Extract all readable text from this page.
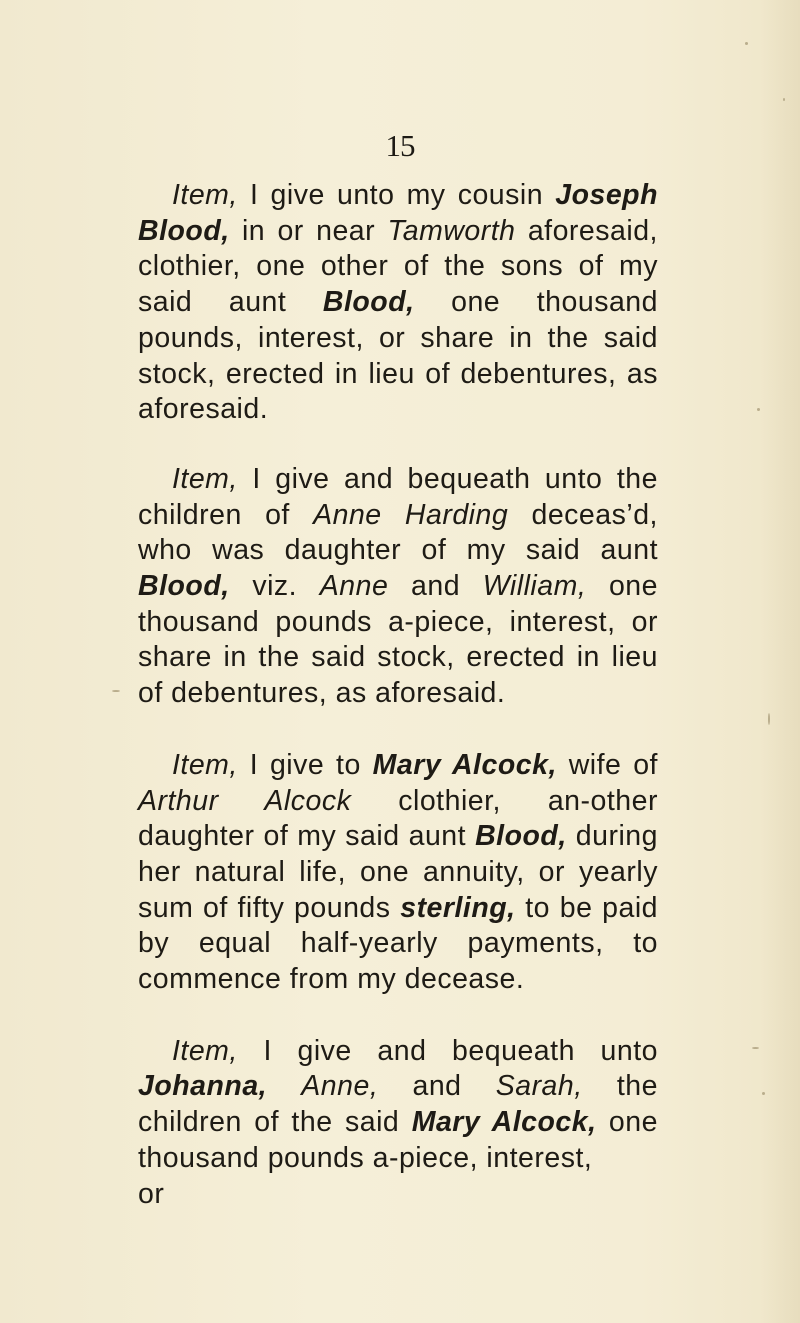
15

Item, I give unto my cousin Joseph Blood, in or near Tamworth aforesaid, clothier, one other of the sons of my said aunt Blood, one thousand pounds, interest, or share in the said stock, erected in lieu of debentures, as aforesaid.

Item, I give and bequeath unto the children of Anne Harding deceas’d, who was daughter of my said aunt Blood, viz. Anne and William, one thousand pounds a-piece, interest, or share in the said stock, erected in lieu of debentures, as aforesaid.

Item, I give to Mary Alcock, wife of Arthur Alcock clothier, an-other daughter of my said aunt Blood, during her natural life, one annuity, or yearly sum of fifty pounds sterling, to be paid by equal half-yearly payments, to commence from my decease.

Item, I give and bequeath unto Johanna, Anne, and Sarah, the children of the said Mary Alcock, one thousand pounds a-piece, interest,
or
